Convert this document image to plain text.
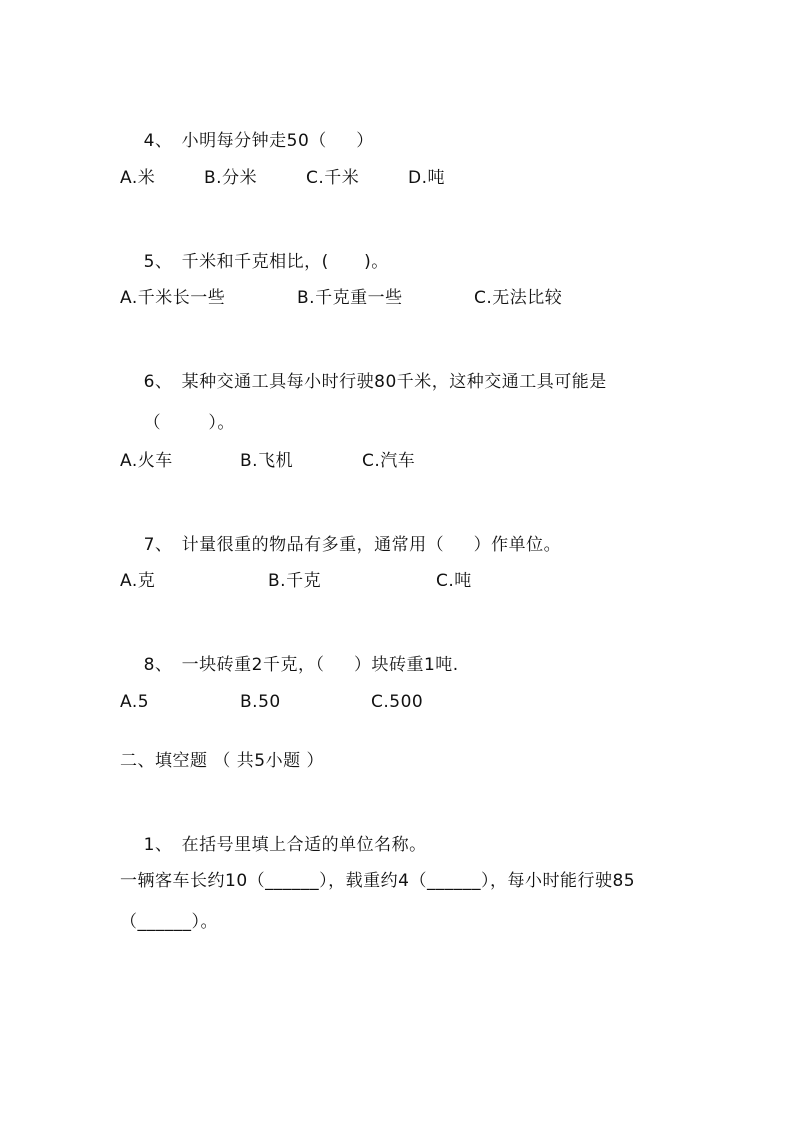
4、 小明每分钟走50（     ）

A.米

	B.分米

	C.千米

	D.吨

5、 千米和千克相比，(      )。

A.千米长一些

	B.千克重一些

	C.无法比较

6、 某种交通工具每小时行驶80千米，这种交通工具可能是

（        ）。

A.火车

	B.飞机

	C.汽车

7、 计量很重的物品有多重，通常用（     ）作单位。

A.克

	B.千克

	C.吨

8、 一块砖重2千克，（     ）块砖重1吨.

A.5

	B.50

	C.500

二、填空题 （ 共5小题 ）

1、 在括号里填上合适的单位名称。

一辆客车长约10（______），载重约4（______），每小时能行驶85
（______）。
